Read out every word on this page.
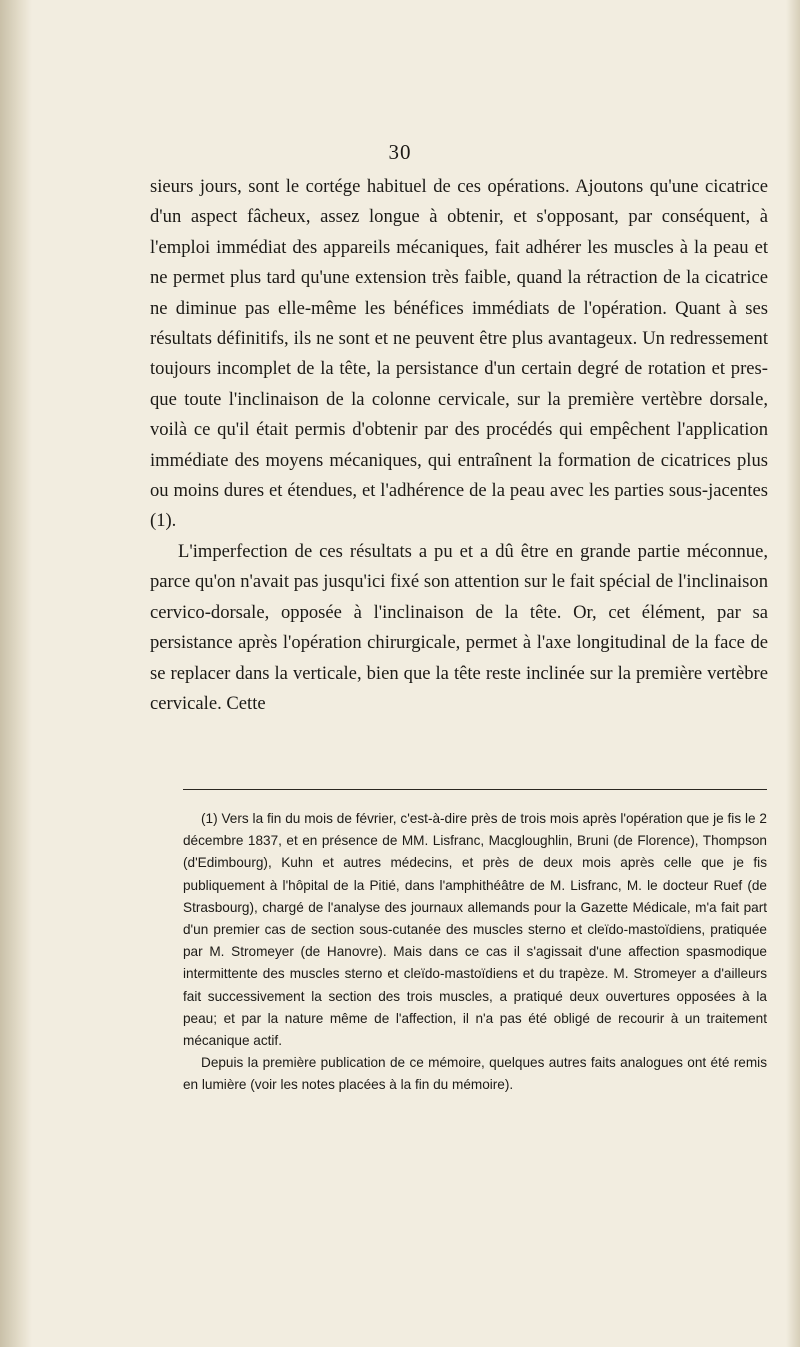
30

sieurs jours, sont le cortége habituel de ces opérations. Ajoutons qu'une cicatrice d'un aspect fâcheux, assez longue à obtenir, et s'opposant, par conséquent, à l'emploi immédiat des appareils mécaniques, fait adhérer les muscles à la peau et ne permet plus tard qu'une extension très faible, quand la rétraction de la cicatrice ne diminue pas elle-même les bénéfices immédiats de l'opération. Quant à ses résultats définitifs, ils ne sont et ne peuvent être plus avantageux. Un redressement toujours incomplet de la tête, la persistance d'un certain degré de rotation et presque toute l'inclinaison de la colonne cervicale, sur la première vertèbre dorsale, voilà ce qu'il était permis d'obtenir par des procédés qui empêchent l'application immédiate des moyens mécaniques, qui entraînent la formation de cicatrices plus ou moins dures et étendues, et l'adhérence de la peau avec les parties sous-jacentes (1).

L'imperfection de ces résultats a pu et a dû être en grande partie méconnue, parce qu'on n'avait pas jusqu'ici fixé son attention sur le fait spécial de l'inclinaison cervico-dorsale, opposée à l'inclinaison de la tête. Or, cet élément, par sa persistance après l'opération chirurgicale, permet à l'axe longitudinal de la face de se replacer dans la verticale, bien que la tête reste inclinée sur la première vertèbre cervicale. Cette

(1) Vers la fin du mois de février, c'est-à-dire près de trois mois après l'opération que je fis le 2 décembre 1837, et en présence de MM. Lisfranc, Macgloughlin, Bruni (de Florence), Thompson (d'Edimbourg), Kuhn et autres médecins, et près de deux mois après celle que je fis publiquement à l'hôpital de la Pitié, dans l'amphithéâtre de M. Lisfranc, M. le docteur Ruef (de Strasbourg), chargé de l'analyse des journaux allemands pour la Gazette Médicale, m'a fait part d'un premier cas de section sous-cutanée des muscles sterno et cleïdo-mastoïdiens, pratiquée par M. Stromeyer (de Hanovre). Mais dans ce cas il s'agissait d'une affection spasmodique intermittente des muscles sterno et cleïdo-mastoïdiens et du trapèze. M. Stromeyer a d'ailleurs fait successivement la section des trois muscles, a pratiqué deux ouvertures opposées à la peau; et par la nature même de l'affection, il n'a pas été obligé de recourir à un traitement mécanique actif.

Depuis la première publication de ce mémoire, quelques autres faits analogues ont été remis en lumière (voir les notes placées à la fin du mémoire).
